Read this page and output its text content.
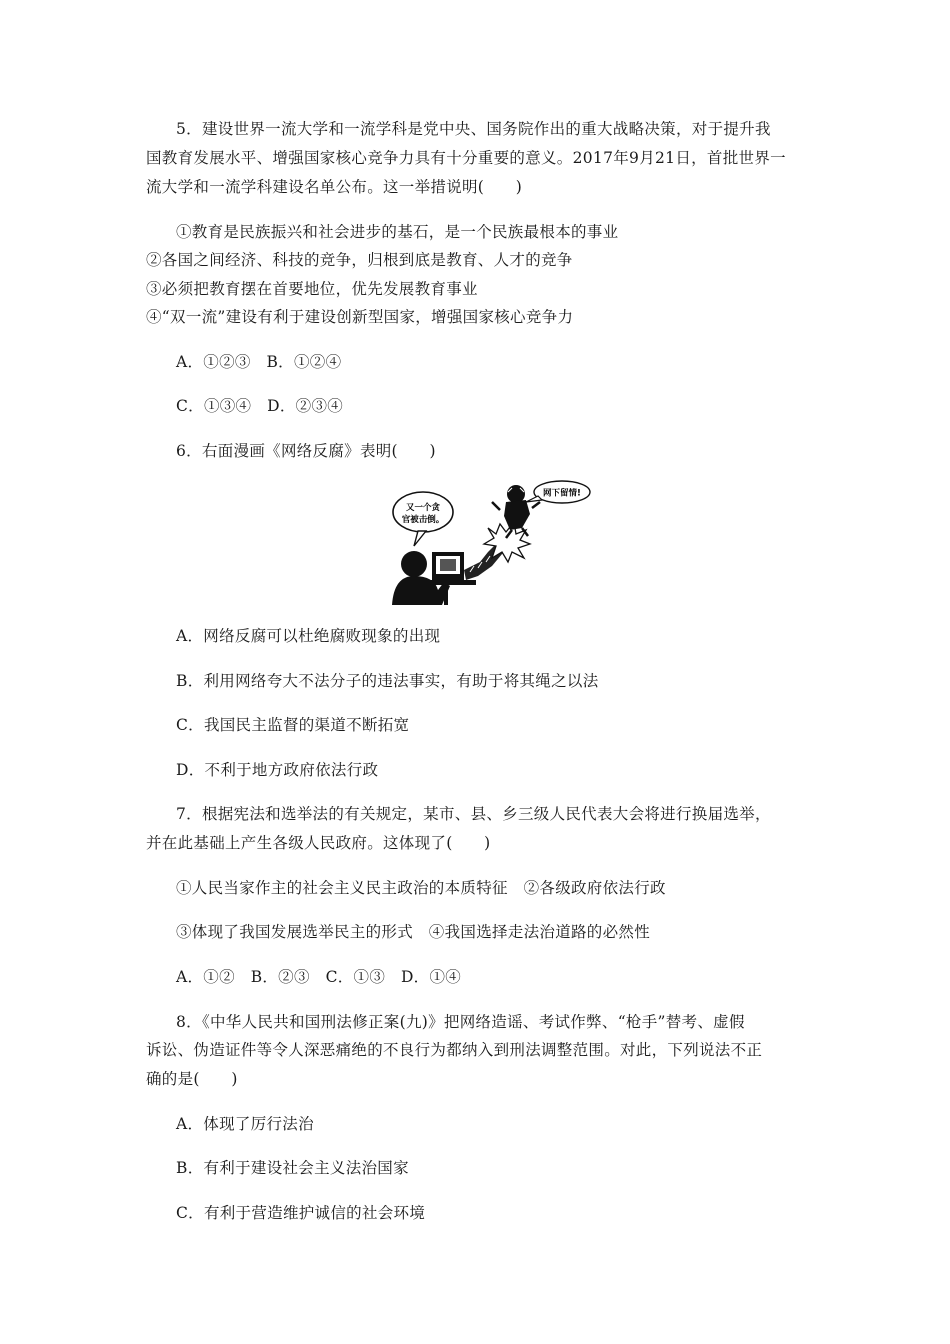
5．建设世界一流大学和一流学科是党中央、国务院作出的重大战略决策，对于提升我
国教育发展水平、增强国家核心竞争力具有十分重要的意义。2017年9月21日，首批世界一
流大学和一流学科建设名单公布。这一举措说明(　　)
①教育是民族振兴和社会进步的基石，是一个民族最根本的事业
②各国之间经济、科技的竞争，归根到底是教育、人才的竞争
③必须把教育摆在首要地位，优先发展教育事业
④“双一流”建设有利于建设创新型国家，增强国家核心竞争力
A．①②③　B．①②④
C．①③④　D．②③④
6．右面漫画《网络反腐》表明(　　)
又一个贪
官被击倒。
网下留情!
A．网络反腐可以杜绝腐败现象的出现
B．利用网络夸大不法分子的违法事实，有助于将其绳之以法
C．我国民主监督的渠道不断拓宽
D．不利于地方政府依法行政
7．根据宪法和选举法的有关规定，某市、县、乡三级人民代表大会将进行换届选举，
并在此基础上产生各级人民政府。这体现了(　　)
①人民当家作主的社会主义民主政治的本质特征　②各级政府依法行政
③体现了我国发展选举民主的形式　④我国选择走法治道路的必然性
A．①②　B．②③　C．①③　D．①④
8．《中华人民共和国刑法修正案(九)》把网络造谣、考试作弊、“枪手”替考、虚假
诉讼、伪造证件等令人深恶痛绝的不良行为都纳入到刑法调整范围。对此，下列说法不正
确的是(　　)
A．体现了厉行法治
B．有利于建设社会主义法治国家
C．有利于营造维护诚信的社会环境
